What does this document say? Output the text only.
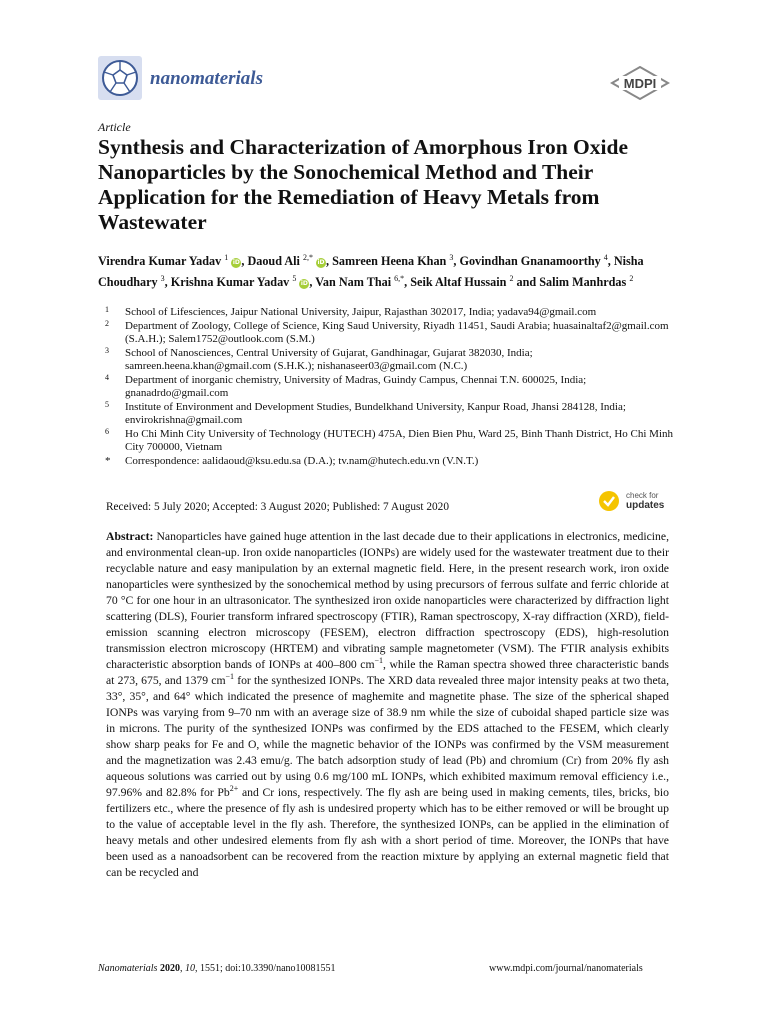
nanomaterials	MDPI
Article
Synthesis and Characterization of Amorphous Iron Oxide Nanoparticles by the Sonochemical Method and Their Application for the Remediation of Heavy Metals from Wastewater
Virendra Kumar Yadav $^1$ iD, Daoud Ali $^{2,*}$ iD, Samreen Heena Khan $^3$, Govindhan Gnanamoorthy $^4$, Nisha Choudhary $^3$, Krishna Kumar Yadav $^5$ iD, Van Nam Thai $^{6,*}$, Seik Altaf Hussain $^2$ and Salim Manhrdas $^2$

1 School of Lifesciences, Jaipur National University, Jaipur, Rajasthan 302017, India; yadava94@gmail.com

2 Department of Zoology, College of Science, King Saud University, Riyadh 11451, Saudi Arabia; huasainaltaf2@gmail.com (S.A.H.); Salem1752@outlook.com (S.M.)

3 School of Nanosciences, Central University of Gujarat, Gandhinagar, Gujarat 382030, India; samreen.heena.khan@gmail.com (S.H.K.); nishanaseer03@gmail.com (N.C.)

4 Department of inorganic chemistry, University of Madras, Guindy Campus, Chennai T.N. 600025, India; gnanadrdo@gmail.com

5 Institute of Environment and Development Studies, Bundelkhand University, Kanpur Road, Jhansi 284128, India; envirokrishna@gmail.com

6 Ho Chi Minh City University of Technology (HUTECH) 475A, Dien Bien Phu, Ward 25, Binh Thanh District, Ho Chi Minh City 700000, Vietnam

* Correspondence: aalidaoud@ksu.edu.sa (D.A.); tv.nam@hutech.edu.vn (V.N.T.)

Received: 5 July 2020; Accepted: 3 August 2020; Published: 7 August 2020
check for
updates

Abstract: Nanoparticles have gained huge attention in the last decade due to their applications in electronics, medicine, and environmental clean-up. Iron oxide nanoparticles (IONPs) are widely used for the wastewater treatment due to their recyclable nature and easy manipulation by an external magnetic field. Here, in the present research work, iron oxide nanoparticles were synthesized by the sonochemical method by using precursors of ferrous sulfate and ferric chloride at 70 °C for one hour in an ultrasonicator. The synthesized iron oxide nanoparticles were characterized by diffraction light scattering (DLS), Fourier transform infrared spectroscopy (FTIR), Raman spectroscopy, X-ray diffraction (XRD), field-emission scanning electron microscopy (FESEM), electron diffraction spectroscopy (EDS), high-resolution transmission electron microscopy (HRTEM) and vibrating sample magnetometer (VSM). The FTIR analysis exhibits characteristic absorption bands of IONPs at 400–800 $cm^{-1}$, while the Raman spectra showed three characteristic bands at 273, 675, and 1379 $cm^{-1}$ for the synthesized IONPs. The XRD data revealed three major intensity peaks at two theta, 33°, 35°, and 64° which indicated the presence of maghemite and magnetite phase. The size of the spherical shaped IONPs was varying from 9–70 nm with an average size of 38.9 nm while the size of cuboidal shaped particle size was in microns. The purity of the synthesized IONPs was confirmed by the EDS attached to the FESEM, which clearly show sharp peaks for Fe and O, while the magnetic behavior of the IONPs was confirmed by the VSM measurement and the magnetization was 2.43 emu/g. The batch adsorption study of lead (Pb) and chromium (Cr) from 20% fly ash aqueous solutions was carried out by using 0.6 mg/100 mL IONPs, which exhibited maximum removal efficiency i.e., 97.96% and 82.8% for $Pb^{2+}$ and Cr ions, respectively. The fly ash are being used in making cements, tiles, bricks, bio fertilizers etc., where the presence of fly ash is undesired property which has to be either removed or will be brought up to the value of acceptable level in the fly ash. Therefore, the synthesized IONPs, can be applied in the elimination of heavy metals and other undesired elements from fly ash with a short period of time. Moreover, the IONPs that have been used as a nanoadsorbent can be recovered from the reaction mixture by applying an external magnetic field that can be recycled and

Nanomaterials 2020, 10, 1551; doi:10.3390/nano10081551	www.mdpi.com/journal/nanomaterials
